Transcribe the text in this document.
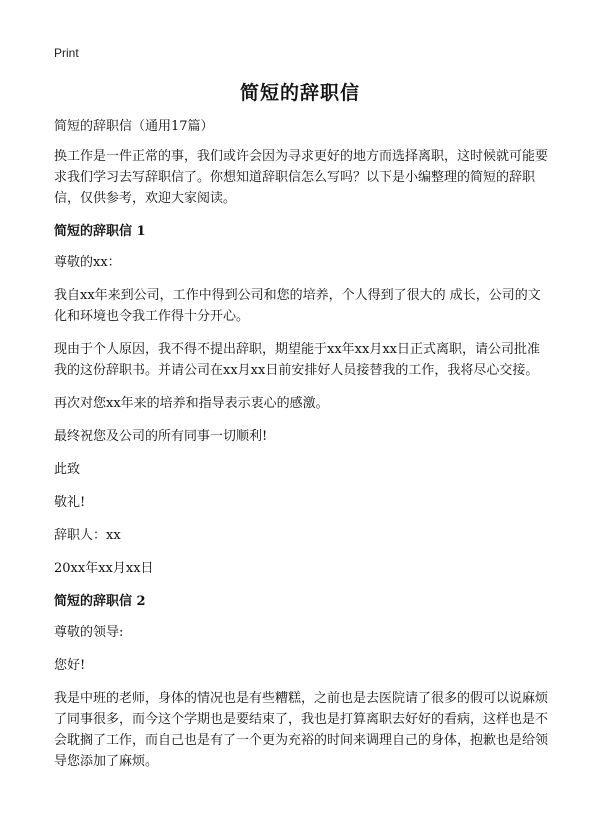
Print
简短的辞职信

简短的辞职信（通用17篇）

换工作是一件正常的事，我们或许会因为寻求更好的地方而选择离职，这时候就可能要求我们学习去写辞职信了。你想知道辞职信怎么写吗？以下是小编整理的简短的辞职信，仅供参考，欢迎大家阅读。

简短的辞职信 1

尊敬的xx：

我自xx年来到公司，工作中得到公司和您的培养，个人得到了很大的 成长，公司的文化和环境也令我工作得十分开心。

现由于个人原因，我不得不提出辞职，期望能于xx年xx月xx日正式离职，请公司批准我的这份辞职书。并请公司在xx月xx日前安排好人员接替我的工作，我将尽心交接。

再次对您xx年来的培养和指导表示衷心的感激。

最终祝您及公司的所有同事一切顺利!

此致

敬礼!

辞职人：xx

20xx年xx月xx日

简短的辞职信 2

尊敬的领导:

您好!

我是中班的老师，身体的情况也是有些糟糕，之前也是去医院请了很多的假可以说麻烦了同事很多，而今这个学期也是要结束了，我也是打算离职去好好的看病，这样也是不会耽搁了工作，而自己也是有了一个更为充裕的时间来调理自己的身体，抱歉也是给领导您添加了麻烦。
